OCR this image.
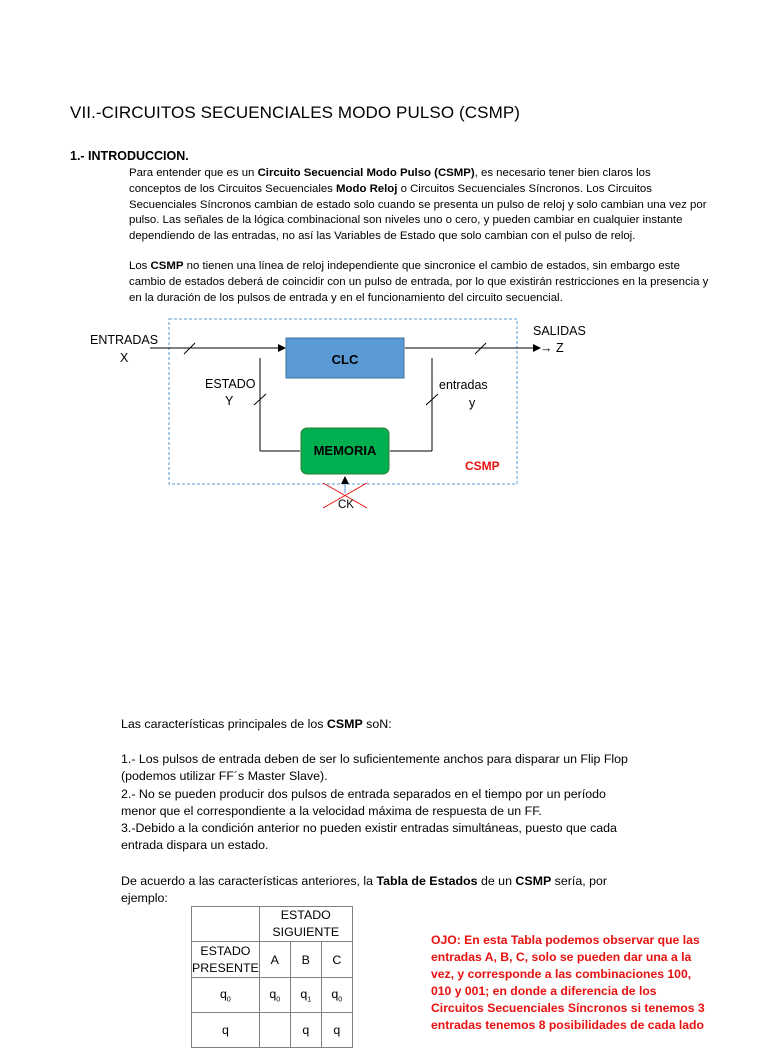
VII.-CIRCUITOS SECUENCIALES MODO PULSO (CSMP)
1.- INTRODUCCION.

Para entender que es un Circuito Secuencial Modo Pulso (CSMP), es necesario tener bien claros los

conceptos de los Circuitos Secuenciales Modo Reloj o Circuitos Secuenciales Síncronos. Los Circuitos

Secuenciales Síncronos cambian de estado solo cuando se presenta un pulso de reloj y solo cambian una vez por

pulso. Las señales de la lógica combinacional son niveles uno o cero, y pueden cambiar en cualquier instante

dependiendo de las entradas, no así las Variables de Estado que solo cambian con el pulso de reloj.

Los CSMP no tienen una línea de reloj independiente que sincronice el cambio de estados, sin embargo este

cambio de estados deberá de coincidir con un pulso de entrada, por lo que existirán restricciones en la presencia y

en la duración de los pulsos de entrada y en el funcionamiento del circuito secuencial.

ENTRADAS
X
SALIDAS
→ Z
CLC
ESTADO
Y
entradas
y
MEMORIA
CSMP
CK

Las características principales de los CSMP soN:

1.- Los pulsos de entrada deben de ser lo suficientemente anchos para disparar un Flip Flop

(podemos utilizar FF´s Master Slave).

2.- No se pueden producir dos pulsos de entrada separados en el tiempo por un período

menor que el correspondiente a la velocidad máxima de respuesta de un FF.

3.-Debido a la condición anterior no pueden existir entradas simultáneas, puesto que cada

entrada dispara un estado.

De acuerdo a las características anteriores, la Tabla de Estados de un CSMP sería, por

ejemplo:

	ESTADO
SIGUIENTE		

ESTADO
PRESENTE	A	B	C
$q_0$	$q_0$	$q_1$	$q_0$
q		q	q

OJO: En esta Tabla podemos observar que las

entradas A, B, C, solo se pueden dar una a la

vez, y corresponde a las combinaciones 100,

010 y 001; en donde a diferencia de los

Circuitos Secuenciales Síncronos si tenemos 3

entradas tenemos 8 posibilidades de cada lado
